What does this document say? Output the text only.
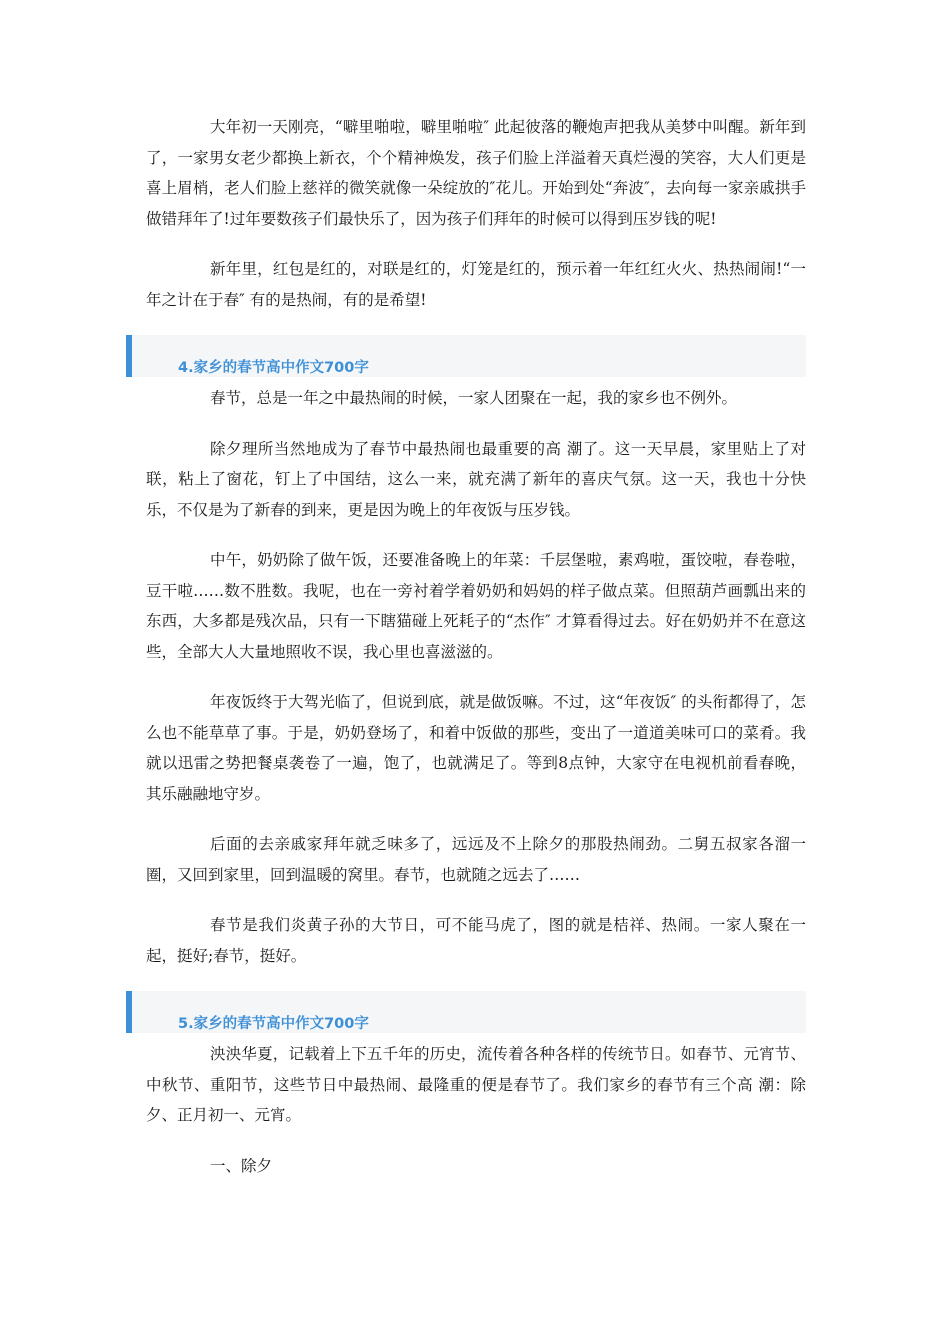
大年初一天刚亮，“噼里啪啦，噼里啪啦″ 此起彼落的鞭炮声把我从美梦中叫醒。新年到了，一家男女老少都换上新衣，个个精神焕发，孩子们脸上洋溢着天真烂漫的笑容，大人们更是喜上眉梢，老人们脸上慈祥的微笑就像一朵绽放的″花儿。开始到处“奔波″，去向每一家亲戚拱手做错拜年了!过年要数孩子们最快乐了，因为孩子们拜年的时候可以得到压岁钱的呢!

新年里，红包是红的，对联是红的，灯笼是红的，预示着一年红红火火、热热闹闹!“一年之计在于春″ 有的是热闹，有的是希望!

4.家乡的春节高中作文700字

春节，总是一年之中最热闹的时候，一家人团聚在一起，我的家乡也不例外。

除夕理所当然地成为了春节中最热闹也最重要的高 潮了。这一天早晨，家里贴上了对联，粘上了窗花，钉上了中国结，这么一来，就充满了新年的喜庆气氛。这一天，我也十分快乐，不仅是为了新春的到来，更是因为晚上的年夜饭与压岁钱。

中午，奶奶除了做午饭，还要准备晚上的年菜：千层堡啦，素鸡啦，蛋饺啦，春卷啦，豆干啦……数不胜数。我呢，也在一旁衬着学着奶奶和妈妈的样子做点菜。但照葫芦画瓢出来的东西，大多都是残次品，只有一下瞎猫碰上死耗子的“杰作″ 才算看得过去。好在奶奶并不在意这些，全部大人大量地照收不误，我心里也喜滋滋的。

年夜饭终于大驾光临了，但说到底，就是做饭嘛。不过，这“年夜饭″ 的头衔都得了，怎么也不能草草了事。于是，奶奶登场了，和着中饭做的那些，变出了一道道美味可口的菜肴。我就以迅雷之势把餐桌袭卷了一遍，饱了，也就满足了。等到8点钟，大家守在电视机前看春晚，其乐融融地守岁。

后面的去亲戚家拜年就乏味多了，远远及不上除夕的那股热闹劲。二舅五叔家各溜一圈，又回到家里，回到温暖的窝里。春节，也就随之远去了……

春节是我们炎黄子孙的大节日，可不能马虎了，图的就是桔祥、热闹。一家人聚在一起，挺好;春节，挺好。

5.家乡的春节高中作文700字

泱泱华夏，记载着上下五千年的历史，流传着各种各样的传统节日。如春节、元宵节、中秋节、重阳节，这些节日中最热闹、最隆重的便是春节了。我们家乡的春节有三个高 潮：除夕、正月初一、元宵。

一、除夕
